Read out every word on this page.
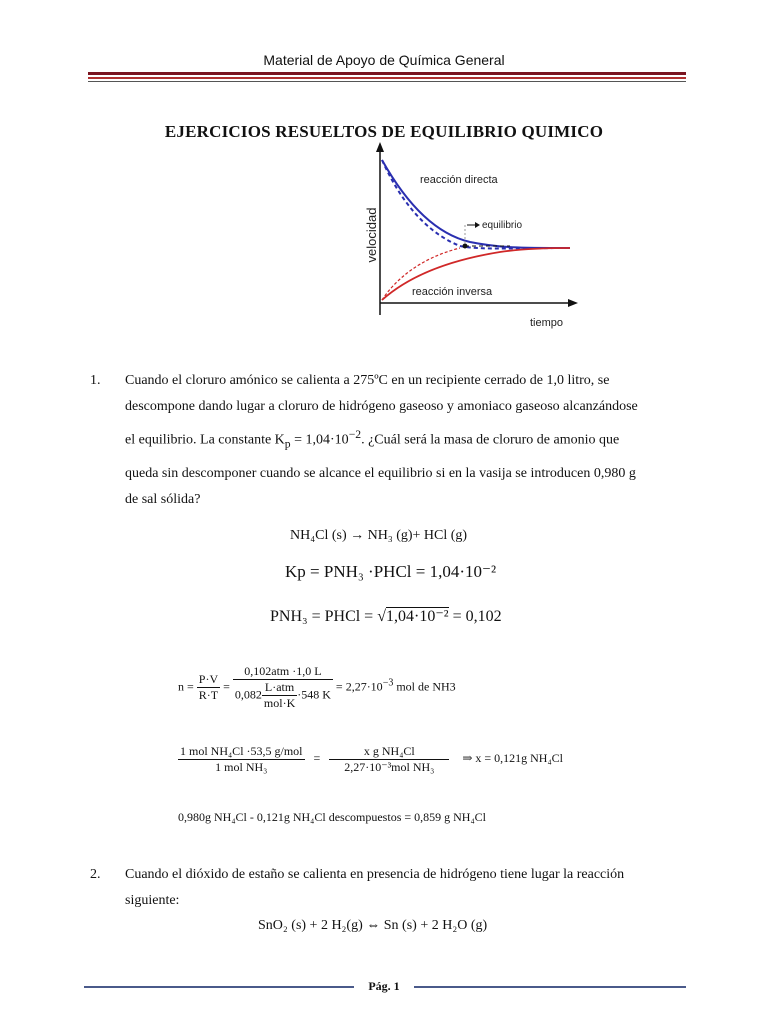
Material de Apoyo de Química General
EJERCICIOS RESUELTOS DE EQUILIBRIO QUIMICO
velocidad
tiempo
reacción directa
reacción inversa
equilibrio
1. Cuando el cloruro amónico se calienta a 275ºC en un recipiente cerrado de 1,0 litro, se
descompone dando lugar a cloruro de hidrógeno gaseoso y amoniaco gaseoso alcanzándose
el equilibrio. La constante $K_p = 1,04\cdot 10^{-2}$. ¿Cuál será la masa de cloruro de amonio que
queda sin descomponer cuando se alcance el equilibrio si en la vasija se introducen 0,980 g
de sal sólida?
NH₄Cl (s) → NH₃ (g)+ HCl (g)
Kp = PNH₃ ·PHCl = 1,04·10⁻²
PNH₃ = PHCl = √1,04·10⁻² = 0,102
$n = \frac{P\cdot V}{R\cdot T} = \frac{\text{0,102atm ·1,0 L}}{0,082 \frac{\text{L·atm}}{\text{mol·K}} \cdot 548 K} = 2,27\cdot 10^{-3}$ mol de NH3
$\frac{\text{1 mol NH₄Cl ·53,5 g/mol}}{\text{1 mol NH₃}} = \frac{\text{x g NH₄Cl}}{\text{2,27·10⁻³mol NH₃}}$ ⇒ x = 0,121g NH₄Cl
0,980g NH₄Cl - 0,121g NH₄Cl descompuestos = 0,859 g NH₄Cl
2. Cuando el dióxido de estaño se calienta en presencia de hidrógeno tiene lugar la reacción
siguiente:
SnO₂ (s) + 2 H₂(g) ⇔ Sn (s) + 2 H₂O (g)
Pág. 1
